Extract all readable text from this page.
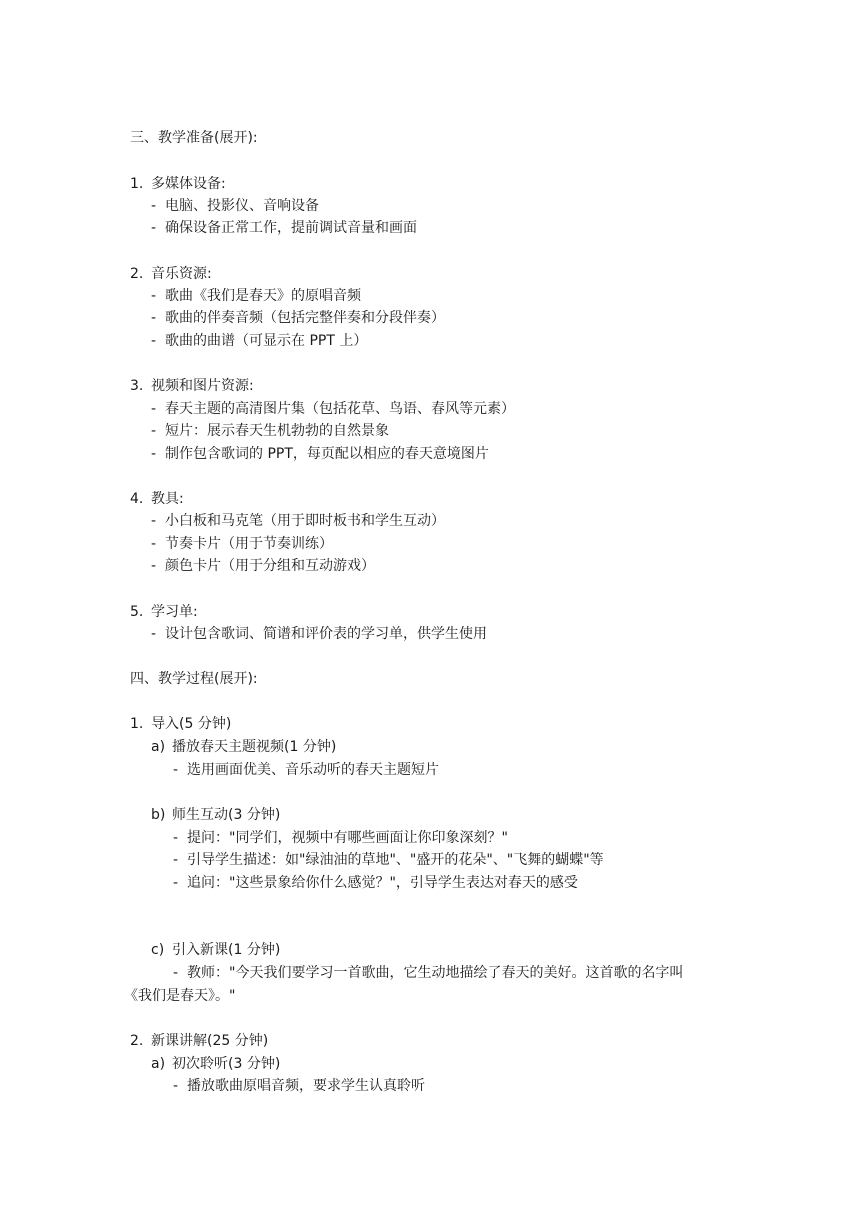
三、教学准备(展开):
1. 多媒体设备:
- 电脑、投影仪、音响设备
- 确保设备正常工作，提前调试音量和画面
2. 音乐资源:
- 歌曲《我们是春天》的原唱音频
- 歌曲的伴奏音频（包括完整伴奏和分段伴奏）
- 歌曲的曲谱（可显示在 PPT 上）
3. 视频和图片资源:
- 春天主题的高清图片集（包括花草、鸟语、春风等元素）
- 短片：展示春天生机勃勃的自然景象
- 制作包含歌词的 PPT，每页配以相应的春天意境图片
4. 教具:
- 小白板和马克笔（用于即时板书和学生互动）
- 节奏卡片（用于节奏训练）
- 颜色卡片（用于分组和互动游戏）
5. 学习单:
- 设计包含歌词、简谱和评价表的学习单，供学生使用
四、教学过程(展开):
1. 导入(5 分钟)
a) 播放春天主题视频(1 分钟)
- 选用画面优美、音乐动听的春天主题短片
b) 师生互动(3 分钟)
- 提问："同学们，视频中有哪些画面让你印象深刻？"
- 引导学生描述：如"绿油油的草地"、"盛开的花朵"、"飞舞的蝴蝶"等
- 追问："这些景象给你什么感觉？"，引导学生表达对春天的感受
c) 引入新课(1 分钟)
- 教师："今天我们要学习一首歌曲，它生动地描绘了春天的美好。这首歌的名字叫
《我们是春天》。"
2. 新课讲解(25 分钟)
a) 初次聆听(3 分钟)
- 播放歌曲原唱音频，要求学生认真聆听
